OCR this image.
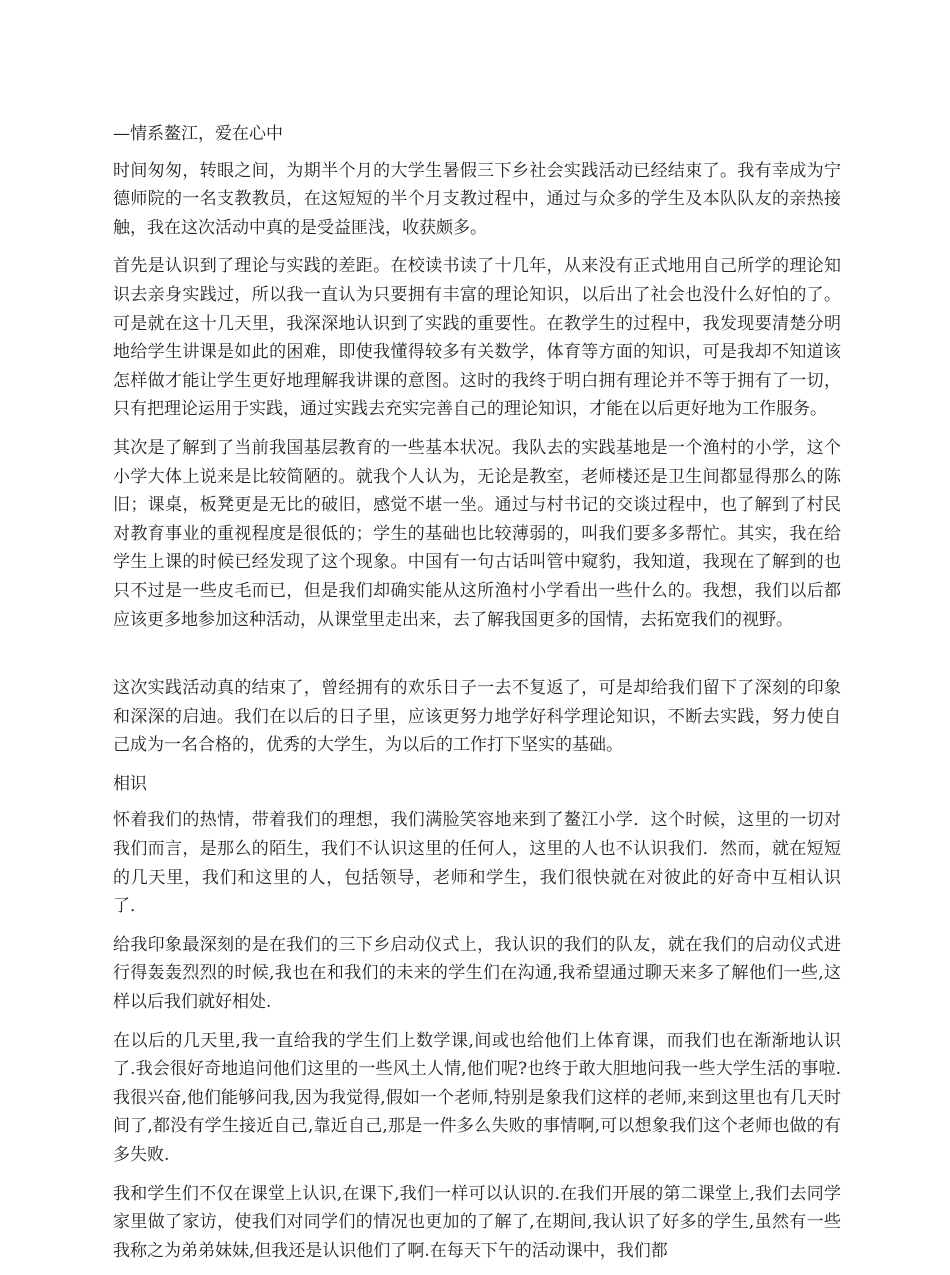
—情系鳌江，爱在心中

时间匆匆，转眼之间，为期半个月的大学生暑假三下乡社会实践活动已经结束了。我有幸成为宁德师院的一名支教教员，在这短短的半个月支教过程中，通过与众多的学生及本队队友的亲热接触，我在这次活动中真的是受益匪浅，收获颇多。

首先是认识到了理论与实践的差距。在校读书读了十几年，从来没有正式地用自己所学的理论知识去亲身实践过，所以我一直认为只要拥有丰富的理论知识，以后出了社会也没什么好怕的了。可是就在这十几天里，我深深地认识到了实践的重要性。在教学生的过程中，我发现要清楚分明地给学生讲课是如此的困难，即使我懂得较多有关数学，体育等方面的知识，可是我却不知道该怎样做才能让学生更好地理解我讲课的意图。这时的我终于明白拥有理论并不等于拥有了一切，只有把理论运用于实践，通过实践去充实完善自己的理论知识，才能在以后更好地为工作服务。

其次是了解到了当前我国基层教育的一些基本状况。我队去的实践基地是一个渔村的小学，这个小学大体上说来是比较简陋的。就我个人认为，无论是教室，老师楼还是卫生间都显得那么的陈旧；课桌，板凳更是无比的破旧，感觉不堪一坐。通过与村书记的交谈过程中，也了解到了村民对教育事业的重视程度是很低的；学生的基础也比较薄弱的，叫我们要多多帮忙。其实，我在给学生上课的时候已经发现了这个现象。中国有一句古话叫管中窥豹，我知道，我现在了解到的也只不过是一些皮毛而已，但是我们却确实能从这所渔村小学看出一些什么的。我想，我们以后都应该更多地参加这种活动，从课堂里走出来，去了解我国更多的国情，去拓宽我们的视野。

这次实践活动真的结束了，曾经拥有的欢乐日子一去不复返了，可是却给我们留下了深刻的印象和深深的启迪。我们在以后的日子里，应该更努力地学好科学理论知识，不断去实践，努力使自己成为一名合格的，优秀的大学生，为以后的工作打下坚实的基础。

相识

怀着我们的热情，带着我们的理想，我们满脸笑容地来到了鳌江小学．这个时候，这里的一切对我们而言，是那么的陌生，我们不认识这里的任何人，这里的人也不认识我们．然而，就在短短的几天里，我们和这里的人，包括领导，老师和学生，我们很快就在对彼此的好奇中互相认识了．

给我印象最深刻的是在我们的三下乡启动仪式上，我认识的我们的队友，就在我们的启动仪式进行得轰轰烈烈的时候,我也在和我们的未来的学生们在沟通,我希望通过聊天来多了解他们一些,这样以后我们就好相处.

在以后的几天里,我一直给我的学生们上数学课,间或也给他们上体育课，而我们也在渐渐地认识了.我会很好奇地追问他们这里的一些风土人情,他们呢?也终于敢大胆地问我一些大学生活的事啦.我很兴奋,他们能够问我,因为我觉得,假如一个老师,特别是象我们这样的老师,来到这里也有几天时间了,都没有学生接近自己,靠近自己,那是一件多么失败的事情啊,可以想象我们这个老师也做的有多失败.

我和学生们不仅在课堂上认识,在课下,我们一样可以认识的.在我们开展的第二课堂上,我们去同学家里做了家访，使我们对同学们的情况也更加的了解了,在期间,我认识了好多的学生,虽然有一些我称之为弟弟妹妹,但我还是认识他们了啊.在每天下午的活动课中，我们都
